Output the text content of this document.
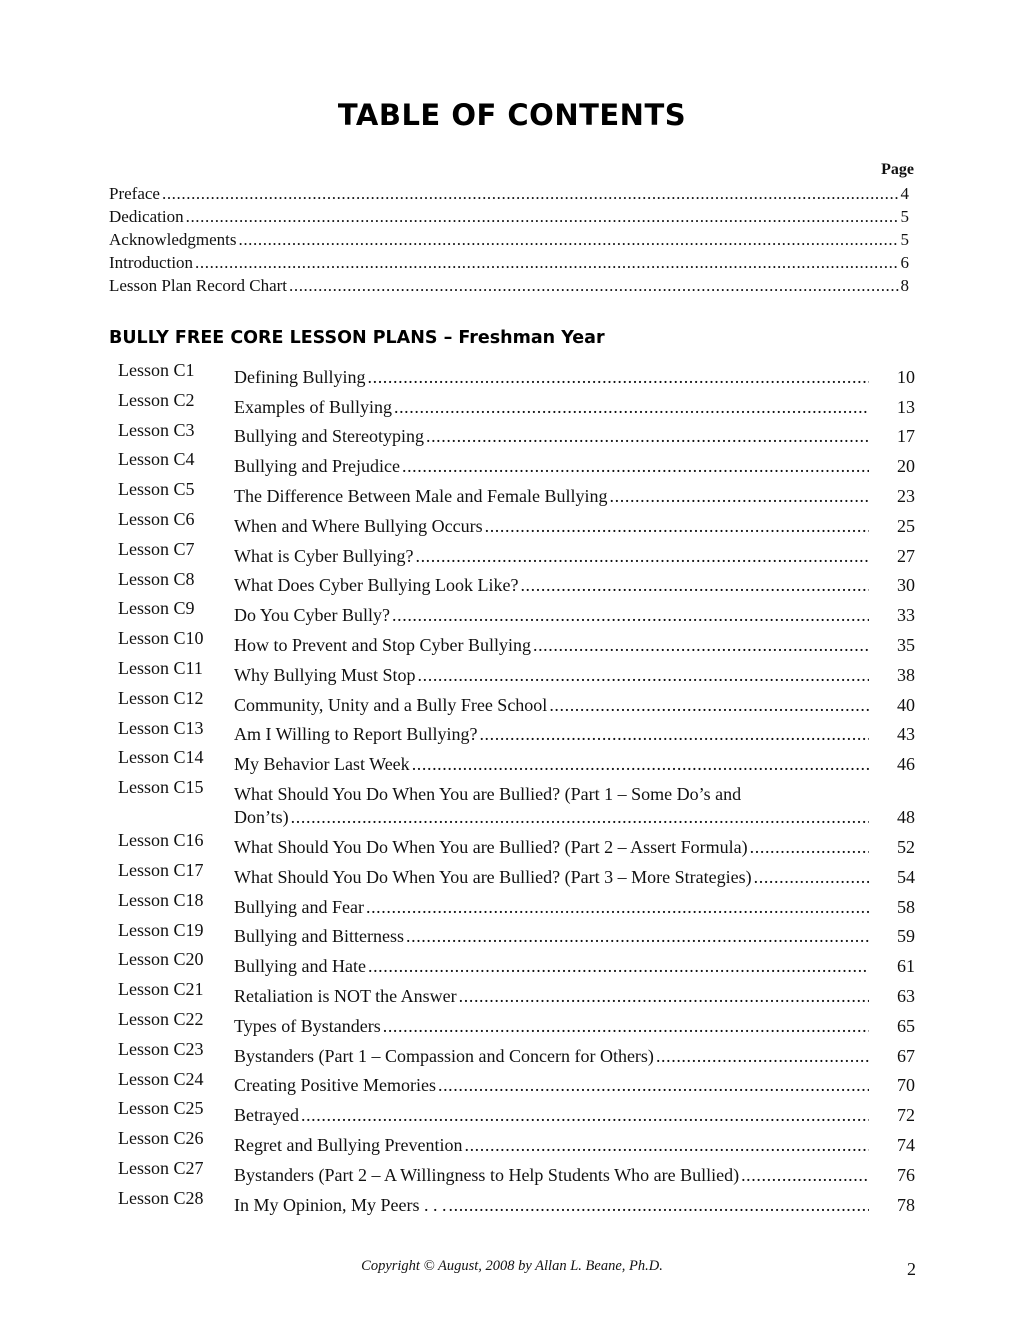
TABLE OF CONTENTS
Page
Preface .....	4
Dedication .....	5
Acknowledgments .....	5
Introduction .....	6
Lesson Plan Record Chart .....	8
BULLY FREE CORE LESSON PLANS – Freshman Year
Lesson C1	Defining Bullying .....	10
Lesson C2	Examples of Bullying .....	13
Lesson C3	Bullying and Stereotyping .....	17
Lesson C4	Bullying and Prejudice .....	20
Lesson C5	The Difference Between Male and Female Bullying .....	23
Lesson C6	When and Where Bullying Occurs .....	25
Lesson C7	What is Cyber Bullying? .....	27
Lesson C8	What Does Cyber Bullying Look Like? .....	30
Lesson C9	Do You Cyber Bully? .....	33
Lesson C10	How to Prevent and Stop Cyber Bullying .....	35
Lesson C11	Why Bullying Must Stop .....	38
Lesson C12	Community, Unity and a Bully Free School .....	40
Lesson C13	Am I Willing to Report Bullying? .....	43
Lesson C14	My Behavior Last Week .....	46
Lesson C15	What Should You Do When You are Bullied? (Part 1 – Some Do’s and
Don’ts) .....	48
Lesson C16	What Should You Do When You are Bullied? (Part 2 – Assert Formula) .....	52
Lesson C17	What Should You Do When You are Bullied? (Part 3 – More Strategies) .....	54
Lesson C18	Bullying and Fear .....	58
Lesson C19	Bullying and Bitterness .....	59
Lesson C20	Bullying and Hate .....	61
Lesson C21	Retaliation is NOT the Answer .....	63
Lesson C22	Types of Bystanders .....	65
Lesson C23	Bystanders (Part 1 – Compassion and Concern for Others) .....	67
Lesson C24	Creating Positive Memories .....	70
Lesson C25	Betrayed .....	72
Lesson C26	Regret and Bullying Prevention .....	74
Lesson C27	Bystanders (Part 2 – A Willingness to Help Students Who are Bullied) .....	76
Lesson C28	In My Opinion, My Peers . . . .....	78
Copyright © August, 2008 by Allan L. Beane, Ph.D.	2
